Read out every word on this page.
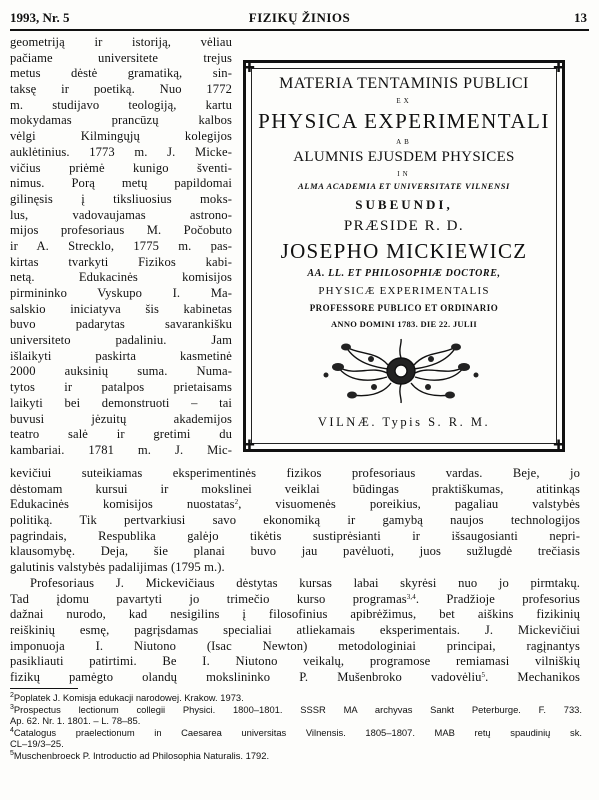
1993, Nr. 5	FIZIKŲ ŽINIOS	13
geometriją ir istoriją, vėliau
pačiame universitete trejus
metus dėstė gramatiką, sin-
taksę ir poetiką. Nuo 1772
m. studijavo teologiją, kartu
mokydamas prancūzų kalbos
vėlgi Kilmingųjų kolegijos
auklėtinius. 1773 m. J. Micke-
vičius priėmė kunigo šventi-
nimus. Porą metų papildomai
gilinęsis į tiksliuosius moks-
lus, vadovaujamas astrono-
mijos profesoriaus M. Počobuto
ir A. Strecklo, 1775 m. pas-
kirtas tvarkyti Fizikos kabi-
netą. Edukacinės komisijos
pirmininko Vyskupo I. Ma-
salskio iniciatyva šis kabinetas
buvo padarytas savarankišku
universiteto padaliniu. Jam
išlaikyti paskirta kasmetinė
2000 auksinių suma. Numa-
tytos ir patalpos prietaisams
laikyti bei demonstruoti – tai
buvusi jėzuitų akademijos
teatro salė ir gretimi du
kambariai. 1781 m. J. Mic-
✚	✚
✚	✚
MATERIA TENTAMINIS PUBLICI
EX
PHYSICA EXPERIMENTALI
AB
ALUMNIS EJUSDEM PHYSICES
IN
ALMA ACADEMIA ET UNIVERSITATE VILNENSI
SUBEUNDI,
PRÆSIDE R. D.
JOSEPHO MICKIEWICZ
AA. LL. ET PHILOSOPHIÆ DOCTORE,
PHYSICÆ EXPERIMENTALIS
PROFESSORE PUBLICO ET ORDINARIO
ANNO DOMINI 1783. DIE 22. JULII
VILNÆ. Typis S. R. M.
kevičiui suteikiamas eksperimentinės fizikos profesoriaus vardas. Beje, jo
dėstomam kursui ir mokslinei veiklai būdingas praktiškumas, atitinkąs
Edukacinės komisijos nuostatas$^2$, visuomenės poreikius, pagaliau valstybės
politiką. Tik pertvarkiusi savo ekonomiką ir gamybą naujos technologijos
pagrindais, Respublika galėjo tikėtis sustiprėsianti ir išsaugosianti nepri-
klausomybę. Deja, šie planai buvo jau pavėluoti, juos sužlugdė trečiasis
galutinis valstybės padalijimas (1795 m.).
Profesoriaus J. Mickevičiaus dėstytas kursas labai skyrėsi nuo jo pirmtakų.
Tad įdomu pavartyti jo trimečio kurso programas$^{3,4}$. Pradžioje profesorius
dažnai nurodo, kad nesigilins į filosofinius apibrėžimus, bet aiškins fizikinių
reiškinių esmę, pagrįsdamas specialiai atliekamais eksperimentais. J. Mickevičiui
imponuoja I. Niutono (Isac Newton) metodologiniai principai, ragįnantys
pasikliauti patirtimi. Be I. Niutono veikalų, programose remiamasi vilniškių
fizikų pamėgto olandų mokslininko P. Mušenbroko vadovėliu$^5$. Mechanikos
$^2$Poplatek J. Komisja edukacji narodowej. Krakow. 1973.
$^3$Prospectus lectionum collegii Physici. 1800–1801. SSSR MA archyvas Sankt Peterburge. F. 733.
Ap. 62. Nr. 1. 1801. – L. 78–85.
$^4$Catalogus praelectionum in Caesarea universitas Vilnensis. 1805–1807. MAB retų spaudinių sk.
CL–19/3–25.
$^5$Muschenbroeck P. Introductio ad Philosophia Naturalis. 1792.
